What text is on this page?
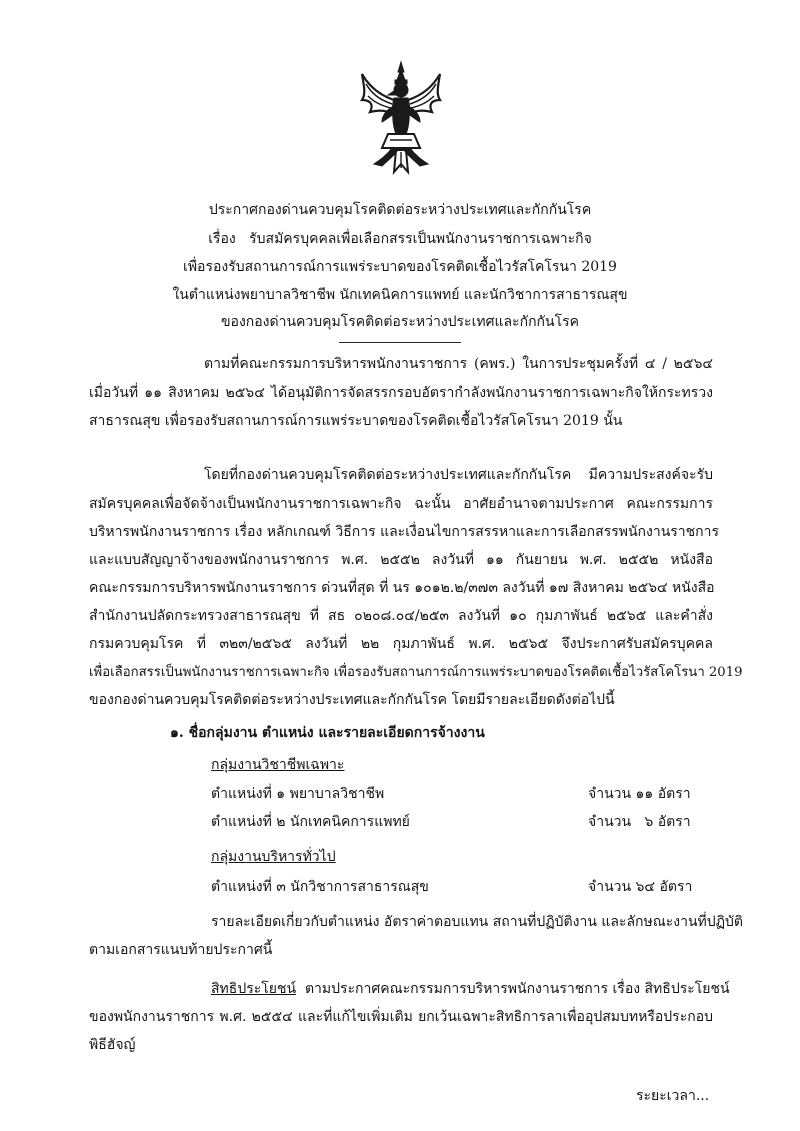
ประกาศกองด่านควบคุมโรคติดต่อระหว่างประเทศและกักกันโรค
เรื่อง รับสมัครบุคคลเพื่อเลือกสรรเป็นพนักงานราชการเฉพาะกิจ
เพื่อรองรับสถานการณ์การแพร่ระบาดของโรคติดเชื้อไวรัสโคโรนา 2019
ในตำแหน่งพยาบาลวิชาชีพ นักเทคนิคการแพทย์ และนักวิชาการสาธารณสุข
ของกองด่านควบคุมโรคติดต่อระหว่างประเทศและกักกันโรค
ตามที่คณะกรรมการบริหารพนักงานราชการ (คพร.) ในการประชุมครั้งที่ ๔ / ๒๕๖๔
เมื่อวันที่ ๑๑ สิงหาคม ๒๕๖๔ ได้อนุมัติการจัดสรรกรอบอัตรากำลังพนักงานราชการเฉพาะกิจให้กระทรวง
สาธารณสุข เพื่อรองรับสถานการณ์การแพร่ระบาดของโรคติดเชื้อไวรัสโคโรนา 2019 นั้น
โดยที่กองด่านควบคุมโรคติดต่อระหว่างประเทศและกักกันโรค มีความประสงค์จะรับ
สมัครบุคคลเพื่อจัดจ้างเป็นพนักงานราชการเฉพาะกิจ ฉะนั้น อาศัยอำนาจตามประกาศ คณะกรรมการ
บริหารพนักงานราชการ เรื่อง หลักเกณฑ์ วิธีการ และเงื่อนไขการสรรหาและการเลือกสรรพนักงานราชการ
และแบบสัญญาจ้างของพนักงานราชการ พ.ศ. ๒๕๕๒ ลงวันที่ ๑๑ กันยายน พ.ศ. ๒๕๕๒ หนังสือ
คณะกรรมการบริหารพนักงานราชการ ด่วนที่สุด ที่ นร ๑๐๑๒.๒/๓๗๓ ลงวันที่ ๑๗ สิงหาคม ๒๕๖๔ หนังสือ
สำนักงานปลัดกระทรวงสาธารณสุข ที่ สธ ๐๒๐๘.๐๔/๒๕๓ ลงวันที่ ๑๐ กุมภาพันธ์ ๒๕๖๕ และคำสั่ง
กรมควบคุมโรค ที่ ๓๒๓/๒๕๖๕ ลงวันที่ ๒๒ กุมภาพันธ์ พ.ศ. ๒๕๖๕ จึงประกาศรับสมัครบุคคล
เพื่อเลือกสรรเป็นพนักงานราชการเฉพาะกิจ เพื่อรองรับสถานการณ์การแพร่ระบาดของโรคติดเชื้อไวรัสโคโรนา 2019
ของกองด่านควบคุมโรคติดต่อระหว่างประเทศและกักกันโรค โดยมีรายละเอียดดังต่อไปนี้
๑. ชื่อกลุ่มงาน ตำแหน่ง และรายละเอียดการจ้างงาน
กลุ่มงานวิชาชีพเฉพาะ
ตำแหน่งที่ ๑ พยาบาลวิชาชีพ	จำนวน ๑๑ อัตรา
ตำแหน่งที่ ๒ นักเทคนิคการแพทย์	จำนวน   ๖ อัตรา
กลุ่มงานบริหารทั่วไป
ตำแหน่งที่ ๓ นักวิชาการสาธารณสุข	จำนวน ๖๔ อัตรา
รายละเอียดเกี่ยวกับตำแหน่ง อัตราค่าตอบแทน สถานที่ปฏิบัติงาน และลักษณะงานที่ปฏิบัติ
ตามเอกสารแนบท้ายประกาศนี้
สิทธิประโยชน์ ตามประกาศคณะกรรมการบริหารพนักงานราชการ เรื่อง สิทธิประโยชน์
ของพนักงานราชการ พ.ศ. ๒๕๕๔ และที่แก้ไขเพิ่มเติม ยกเว้นเฉพาะสิทธิการลาเพื่ออุปสมบทหรือประกอบ
พิธีฮัจญ์
ระยะเวลา...
